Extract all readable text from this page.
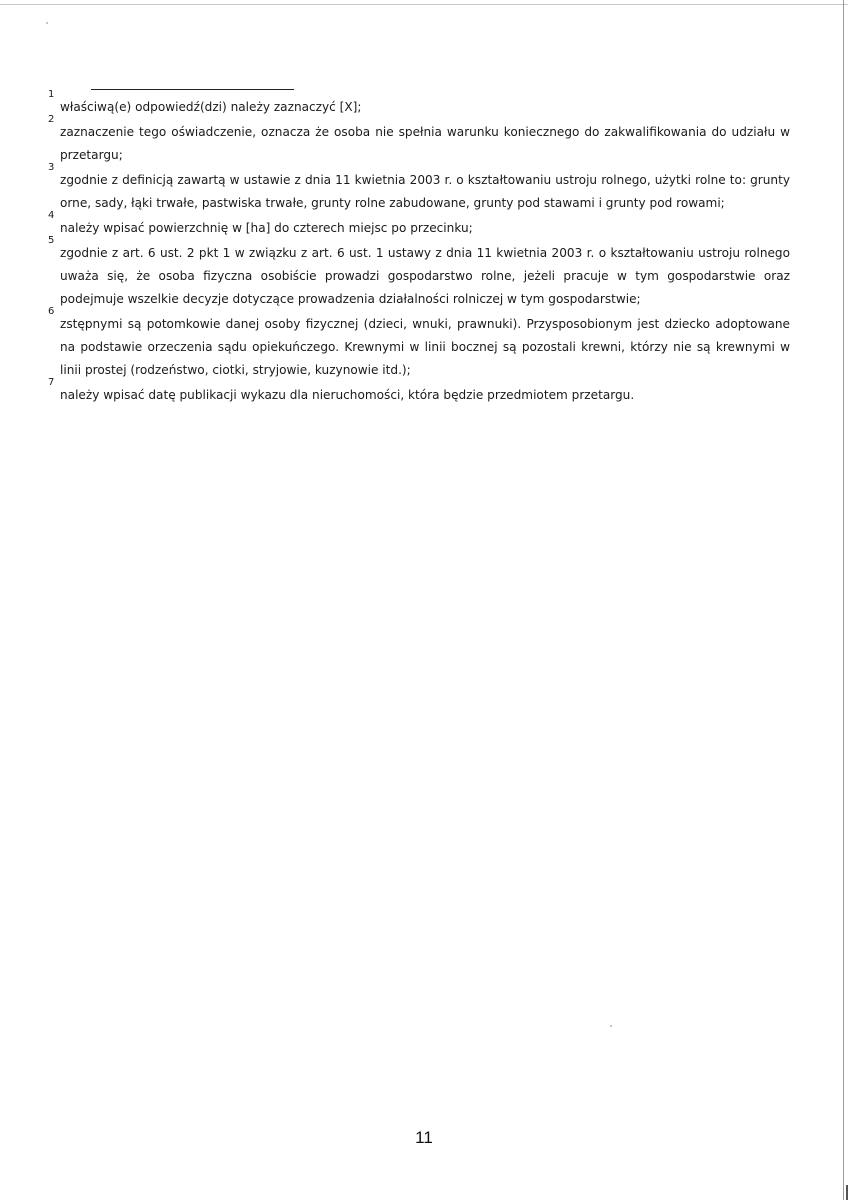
1
właściwą(e) odpowiedź(dzi) należy zaznaczyć [X];

2
zaznaczenie tego oświadczenie, oznacza że osoba nie spełnia warunku koniecznego do zakwalifikowania do udziału w przetargu;

3
zgodnie z definicją zawartą w ustawie z dnia 11 kwietnia 2003 r. o kształtowaniu ustroju rolnego, użytki rolne to: grunty orne, sady, łąki trwałe, pastwiska trwałe, grunty rolne zabudowane, grunty pod stawami i grunty pod rowami;

4
należy wpisać powierzchnię w [ha] do czterech miejsc po przecinku;

5
zgodnie z art. 6 ust. 2 pkt 1 w związku z art. 6 ust. 1 ustawy z dnia 11 kwietnia 2003 r. o kształtowaniu ustroju rolnego uważa się, że osoba fizyczna osobiście prowadzi gospodarstwo rolne, jeżeli pracuje w tym gospodarstwie oraz podejmuje wszelkie decyzje dotyczące prowadzenia działalności rolniczej w tym gospodarstwie;

6
zstępnymi są potomkowie danej osoby fizycznej (dzieci, wnuki, prawnuki). Przysposobionym jest dziecko adoptowane na podstawie orzeczenia sądu opiekuńczego. Krewnymi w linii bocznej są pozostali krewni, którzy nie są krewnymi w linii prostej (rodzeństwo, ciotki, stryjowie, kuzynowie itd.);

7
należy wpisać datę publikacji wykazu dla nieruchomości, która będzie przedmiotem przetargu.

11
